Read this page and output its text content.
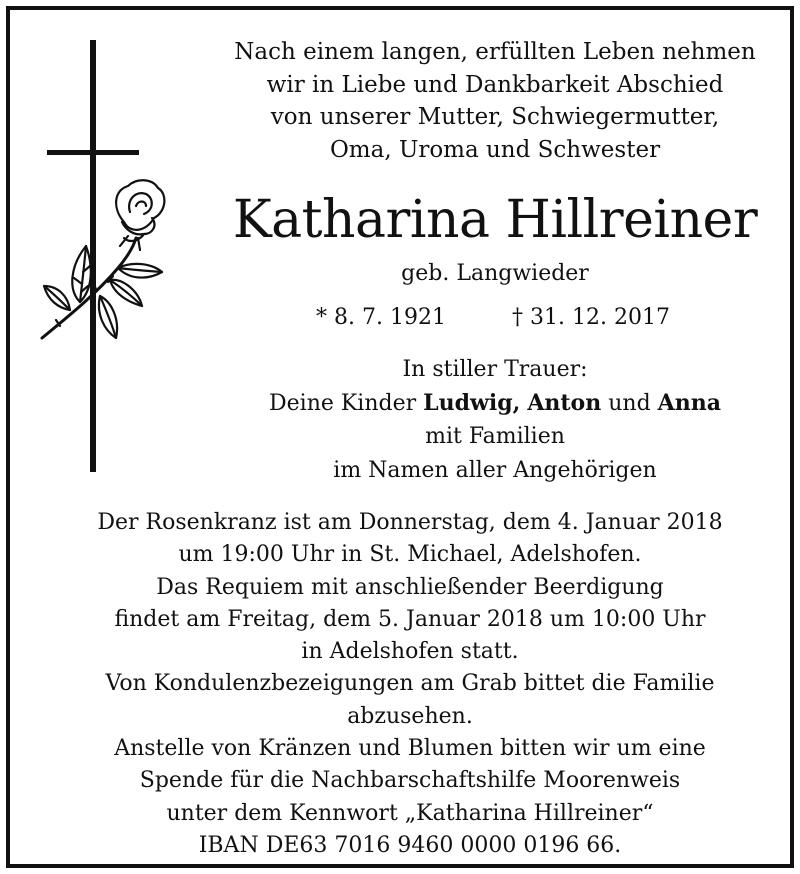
Nach einem langen, erfüllten Leben nehmen
wir in Liebe und Dankbarkeit Abschied
von unserer Mutter, Schwiegermutter,
Oma, Uroma und Schwester
Katharina Hillreiner
geb. Langwieder
* 8. 7. 1921	† 31. 12. 2017
In stiller Trauer:
Deine Kinder Ludwig, Anton und Anna
mit Familien
im Namen aller Angehörigen
Der Rosenkranz ist am Donnerstag, dem 4. Januar 2018
um 19:00 Uhr in St. Michael, Adelshofen.
Das Requiem mit anschließender Beerdigung
findet am Freitag, dem 5. Januar 2018 um 10:00 Uhr
in Adelshofen statt.
Von Kondulenzbezeigungen am Grab bittet die Familie
abzusehen.
Anstelle von Kränzen und Blumen bitten wir um eine
Spende für die Nachbarschaftshilfe Moorenweis
unter dem Kennwort „Katharina Hillreiner“
IBAN DE63 7016 9460 0000 0196 66.
